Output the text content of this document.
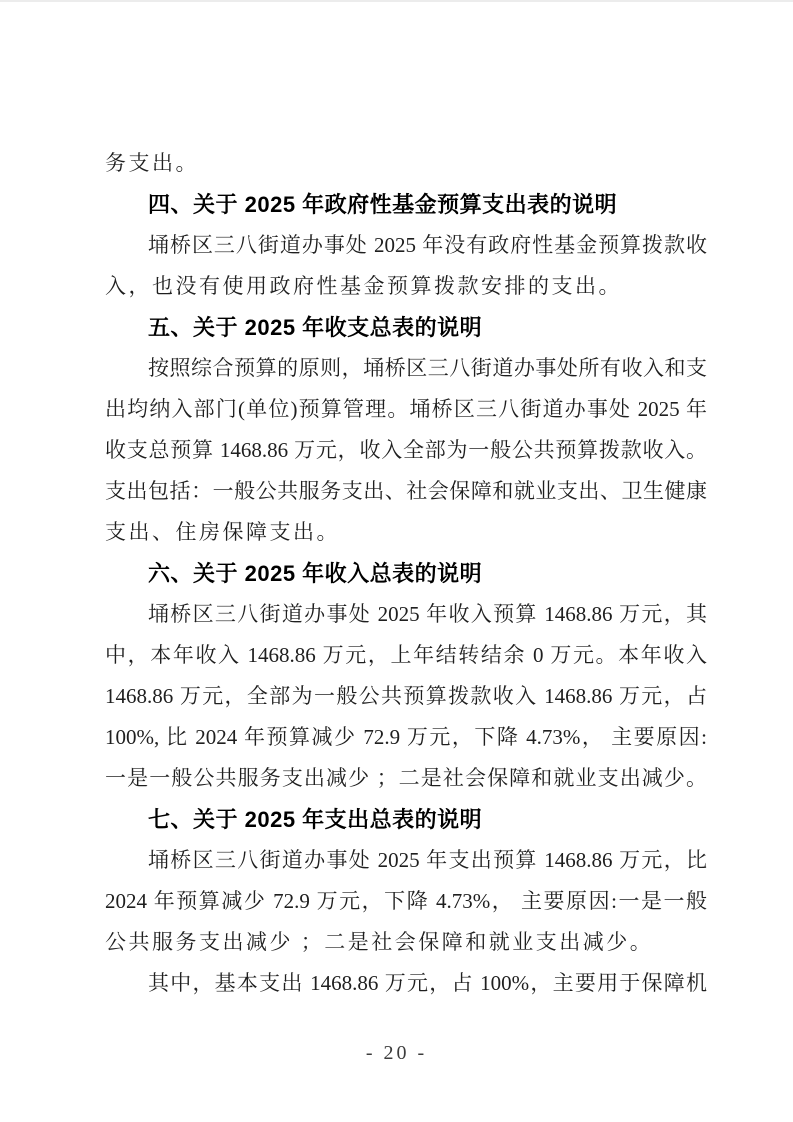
务支出。
四、关于 2025 年政府性基金预算支出表的说明
埇桥区三八街道办事处 2025 年没有政府性基金预算拨款收
入，也没有使用政府性基金预算拨款安排的支出。
五、关于 2025 年收支总表的说明
按照综合预算的原则，埇桥区三八街道办事处所有收入和支
出均纳入部门(单位)预算管理。埇桥区三八街道办事处 2025 年
收支总预算 1468.86 万元，收入全部为一般公共预算拨款收入。
支出包括：一般公共服务支出、社会保障和就业支出、卫生健康
支出、住房保障支出。
六、关于 2025 年收入总表的说明
埇桥区三八街道办事处 2025 年收入预算 1468.86 万元，其
中，本年收入 1468.86 万元，上年结转结余 0 万元。本年收入
1468.86 万元，全部为一般公共预算拨款收入 1468.86 万元，占
100%, 比 2024 年预算减少 72.9 万元，下降 4.73%， 主要原因:
一是一般公共服务支出减少 ；二是社会保障和就业支出减少。
七、关于 2025 年支出总表的说明
埇桥区三八街道办事处 2025 年支出预算 1468.86 万元，比
2024 年预算减少 72.9 万元，下降 4.73%， 主要原因:一是一般
公共服务支出减少 ；二是社会保障和就业支出减少。
其中，基本支出 1468.86 万元，占 100%，主要用于保障机
- 20 -
